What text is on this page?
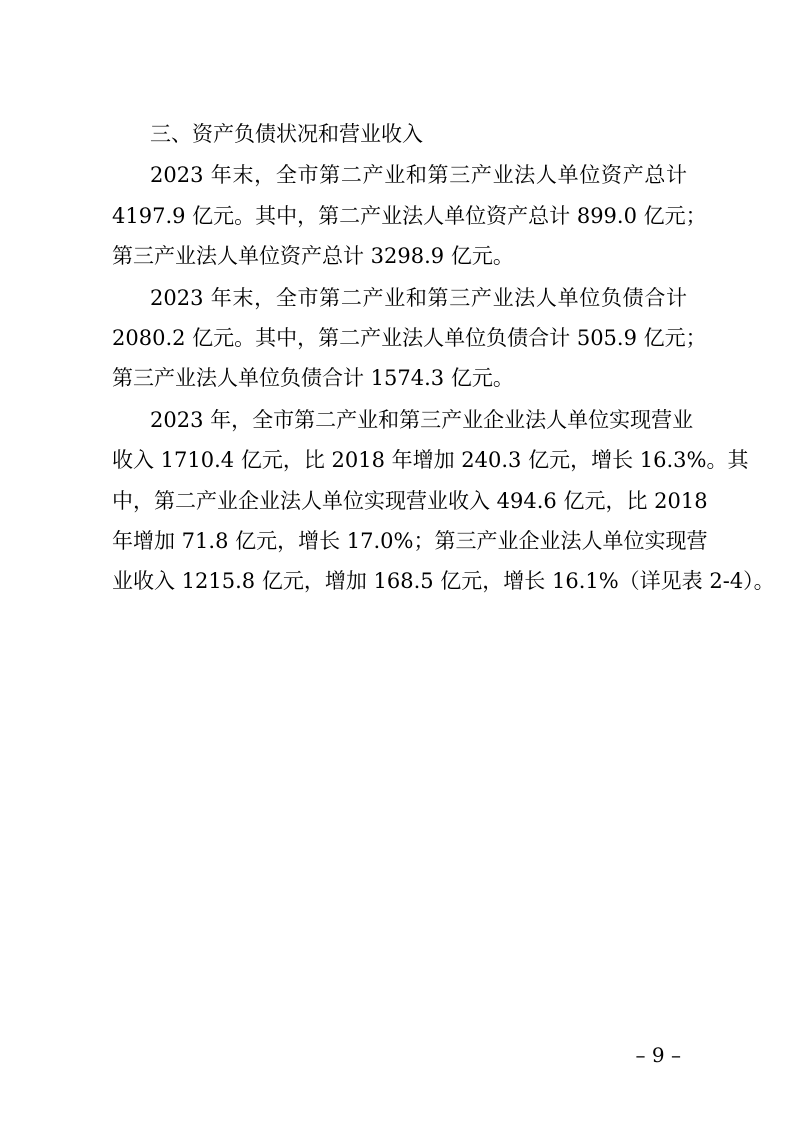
三、资产负债状况和营业收入
2023 年末，全市第二产业和第三产业法人单位资产总计
4197.9 亿元。其中，第二产业法人单位资产总计 899.0 亿元；
第三产业法人单位资产总计 3298.9 亿元。
2023 年末，全市第二产业和第三产业法人单位负债合计
2080.2 亿元。其中，第二产业法人单位负债合计 505.9 亿元；
第三产业法人单位负债合计 1574.3 亿元。
2023 年，全市第二产业和第三产业企业法人单位实现营业
收入 1710.4 亿元，比 2018 年增加 240.3 亿元，增长 16.3%。其
中，第二产业企业法人单位实现营业收入 494.6 亿元，比 2018
年增加 71.8 亿元，增长 17.0%；第三产业企业法人单位实现营
业收入 1215.8 亿元，增加 168.5 亿元，增长 16.1%（详见表 2-4）。
– 9 –
